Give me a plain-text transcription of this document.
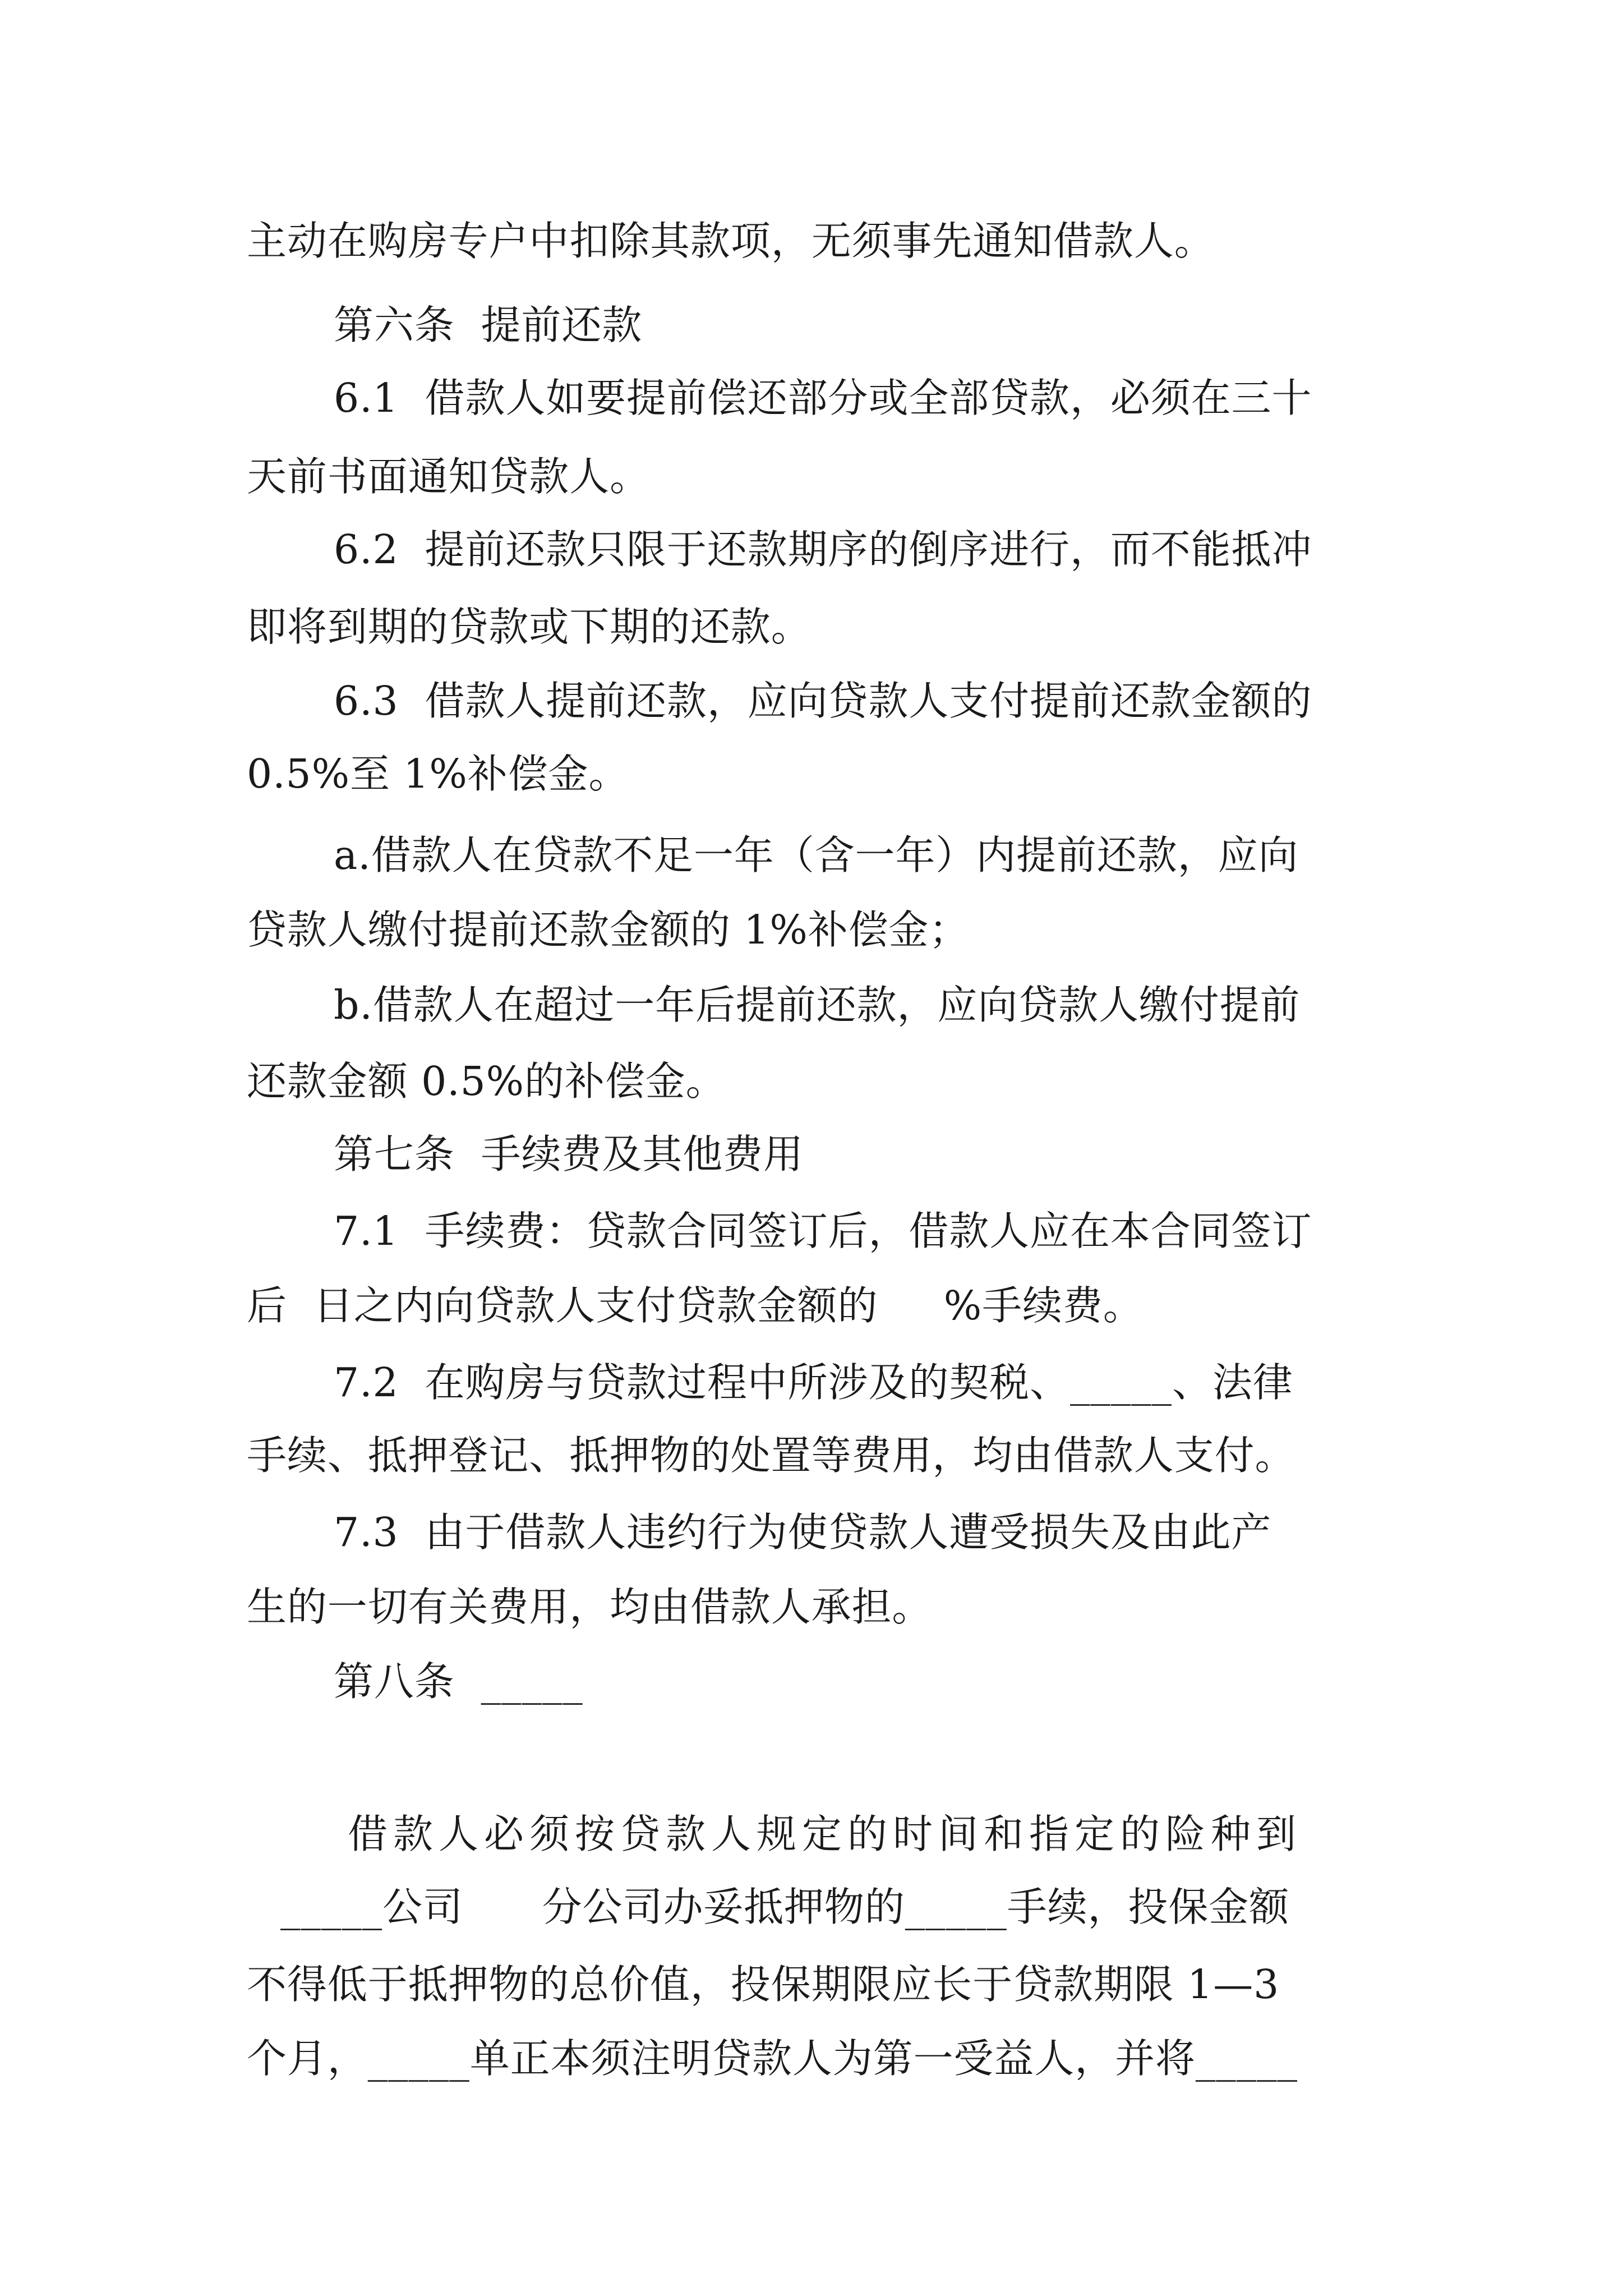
主动在购房专户中扣除其款项，无须事先通知借款人。
第六条  提前还款
6.1  借款人如要提前偿还部分或全部贷款，必须在三十
天前书面通知贷款人。
6.2  提前还款只限于还款期序的倒序进行，而不能抵冲
即将到期的贷款或下期的还款。
6.3  借款人提前还款，应向贷款人支付提前还款金额的
0.5%至 1%补偿金。
a.借款人在贷款不足一年（含一年）内提前还款，应向
贷款人缴付提前还款金额的 1%补偿金；
b.借款人在超过一年后提前还款，应向贷款人缴付提前
还款金额 0.5%的补偿金。
第七条  手续费及其他费用
7.1  手续费：贷款合同签订后，借款人应在本合同签订
后  日之内向贷款人支付贷款金额的     %手续费。
7.2  在购房与贷款过程中所涉及的契税、_____、法律
手续、抵押登记、抵押物的处置等费用，均由借款人支付。
7.3  由于借款人违约行为使贷款人遭受损失及由此产
生的一切有关费用，均由借款人承担。
第八条  _____
借款人必须按贷款人规定的时间和指定的险种到
_____公司      分公司办妥抵押物的_____手续，投保金额
不得低于抵押物的总价值，投保期限应长于贷款期限 1—3
个月，_____单正本须注明贷款人为第一受益人，并将_____
